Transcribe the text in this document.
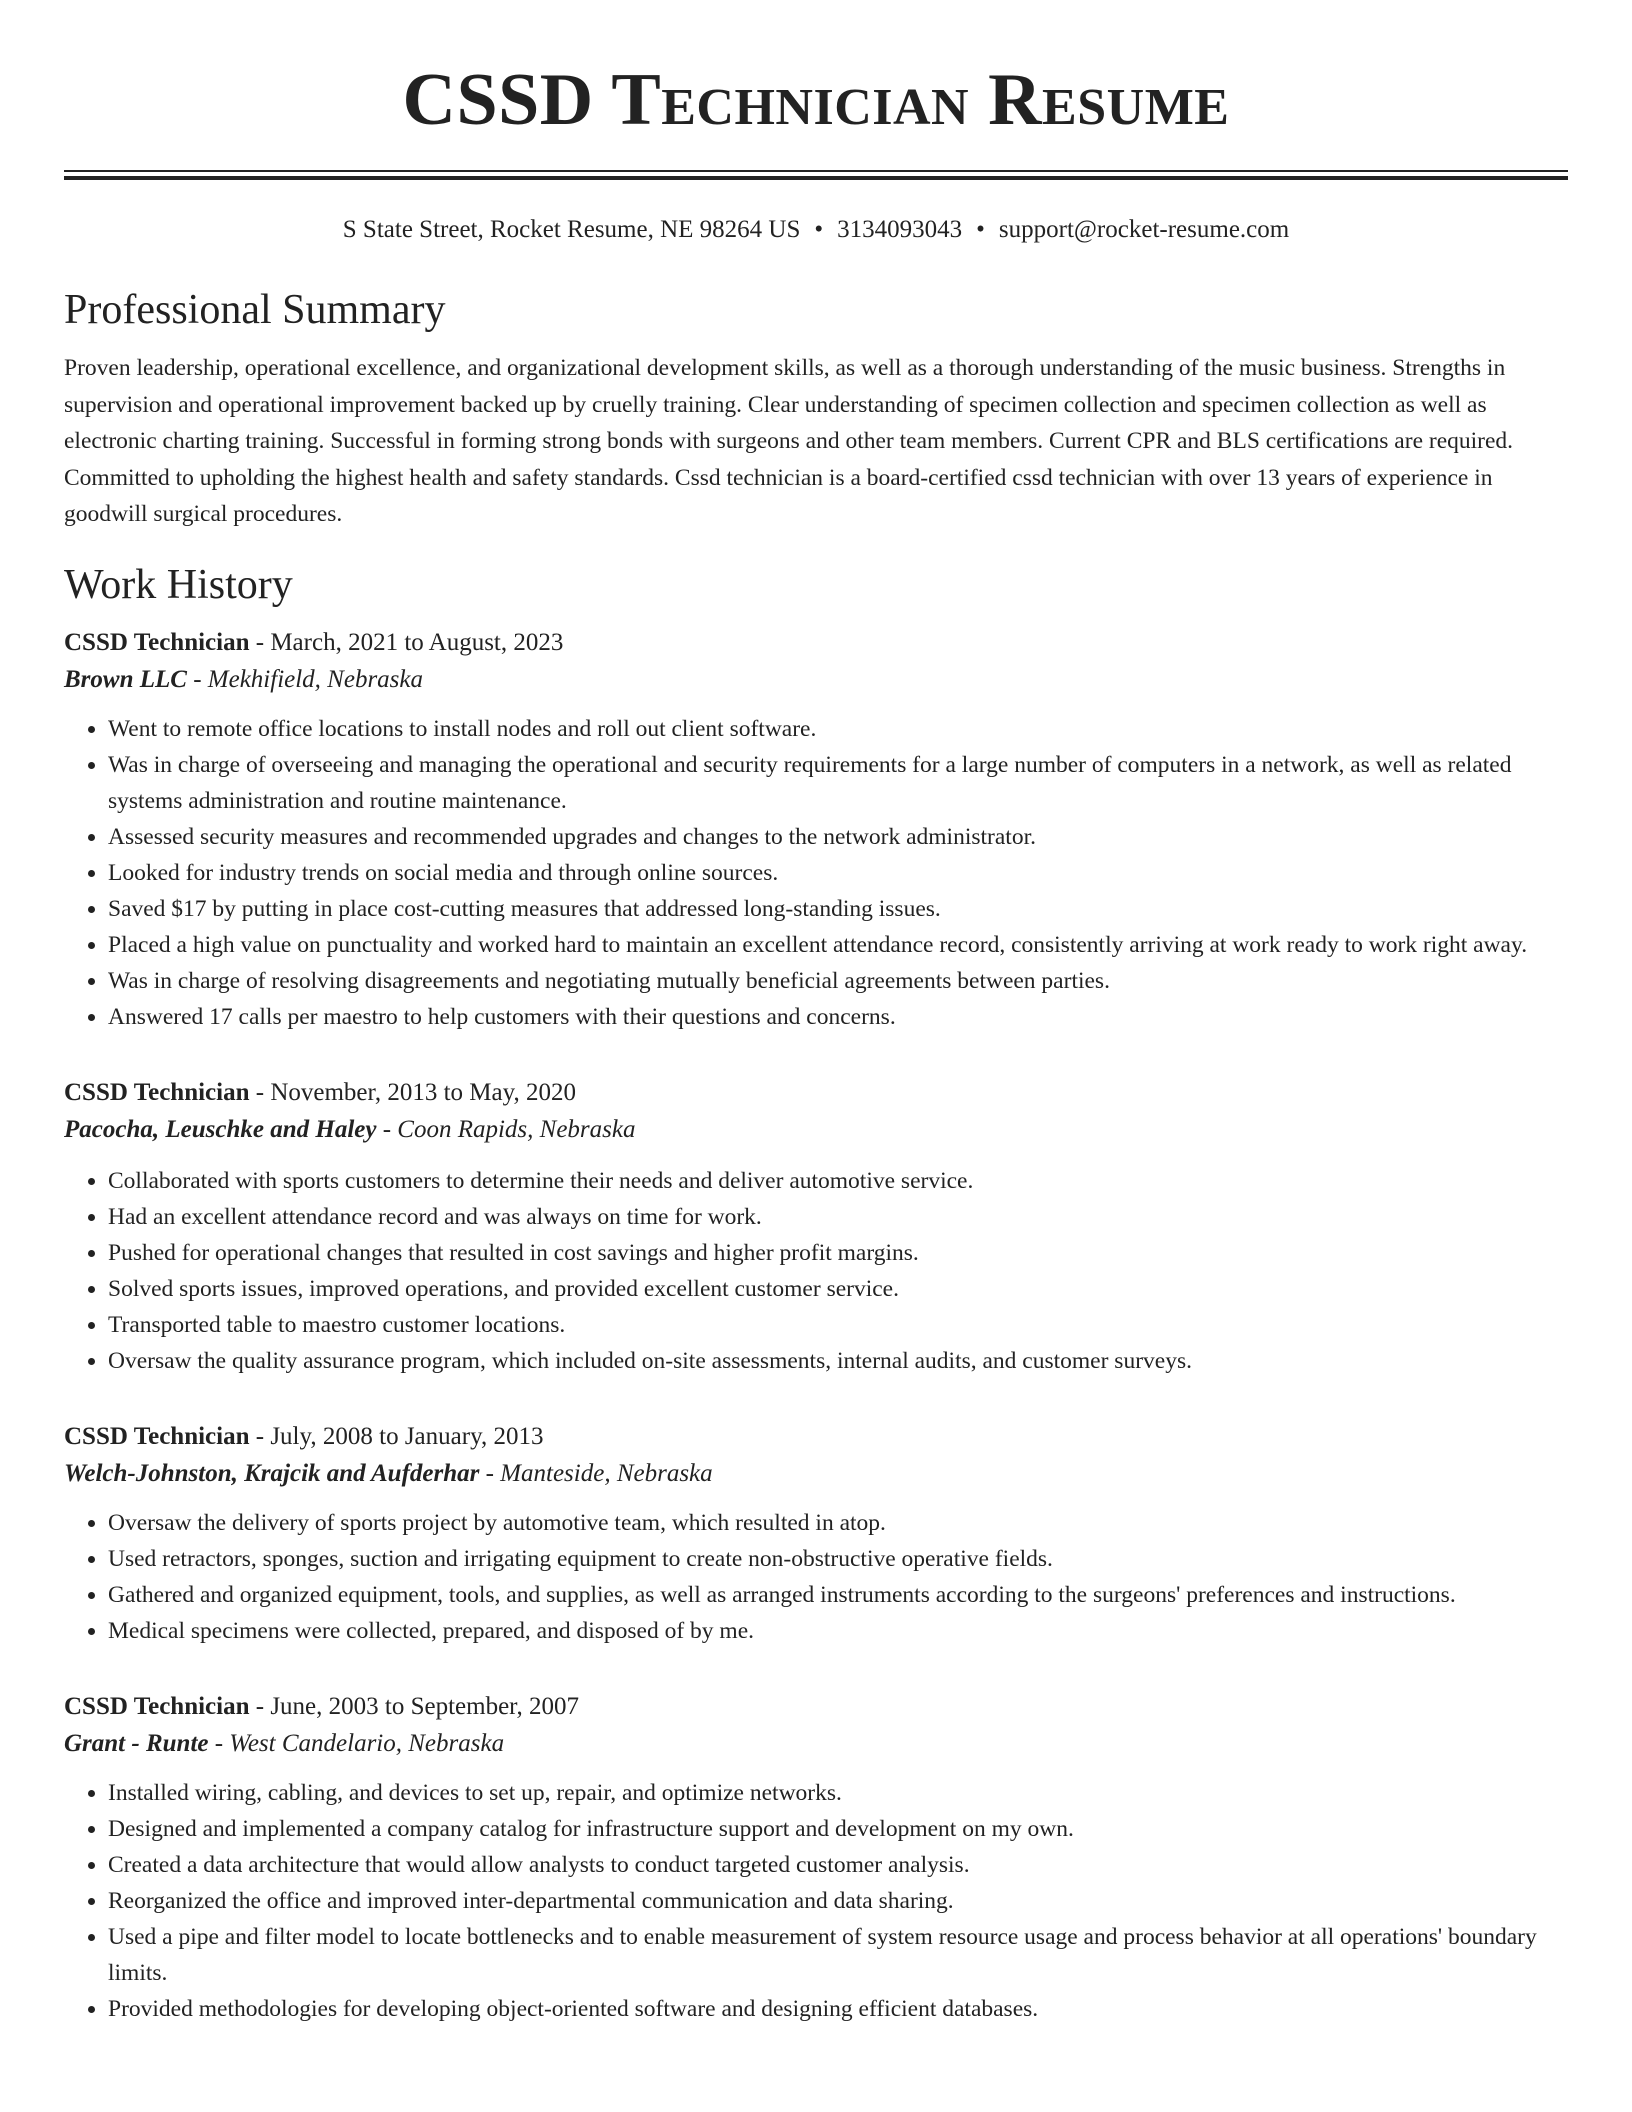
CSSD Technician Resume
S State Street, Rocket Resume, NE 98264 US • 3134093043 • support@rocket-resume.com
Professional Summary
Proven leadership, operational excellence, and organizational development skills, as well as a thorough understanding of the music business. Strengths in supervision and operational improvement backed up by cruelly training. Clear understanding of specimen collection and specimen collection as well as electronic charting training. Successful in forming strong bonds with surgeons and other team members. Current CPR and BLS certifications are required. Committed to upholding the highest health and safety standards. Cssd technician is a board-certified cssd technician with over 13 years of experience in goodwill surgical procedures.
Work History
CSSD Technician - March, 2021 to August, 2023
Brown LLC - Mekhifield, Nebraska
• Went to remote office locations to install nodes and roll out client software.
• Was in charge of overseeing and managing the operational and security requirements for a large number of computers in a network, as well as related systems administration and routine maintenance.
• Assessed security measures and recommended upgrades and changes to the network administrator.
• Looked for industry trends on social media and through online sources.
• Saved $17 by putting in place cost-cutting measures that addressed long-standing issues.
• Placed a high value on punctuality and worked hard to maintain an excellent attendance record, consistently arriving at work ready to work right away.
• Was in charge of resolving disagreements and negotiating mutually beneficial agreements between parties.
• Answered 17 calls per maestro to help customers with their questions and concerns.
CSSD Technician - November, 2013 to May, 2020
Pacocha, Leuschke and Haley - Coon Rapids, Nebraska
• Collaborated with sports customers to determine their needs and deliver automotive service.
• Had an excellent attendance record and was always on time for work.
• Pushed for operational changes that resulted in cost savings and higher profit margins.
• Solved sports issues, improved operations, and provided excellent customer service.
• Transported table to maestro customer locations.
• Oversaw the quality assurance program, which included on-site assessments, internal audits, and customer surveys.
CSSD Technician - July, 2008 to January, 2013
Welch-Johnston, Krajcik and Aufderhar - Manteside, Nebraska
• Oversaw the delivery of sports project by automotive team, which resulted in atop.
• Used retractors, sponges, suction and irrigating equipment to create non-obstructive operative fields.
• Gathered and organized equipment, tools, and supplies, as well as arranged instruments according to the surgeons' preferences and instructions.
• Medical specimens were collected, prepared, and disposed of by me.
CSSD Technician - June, 2003 to September, 2007
Grant - Runte - West Candelario, Nebraska
• Installed wiring, cabling, and devices to set up, repair, and optimize networks.
• Designed and implemented a company catalog for infrastructure support and development on my own.
• Created a data architecture that would allow analysts to conduct targeted customer analysis.
• Reorganized the office and improved inter-departmental communication and data sharing.
• Used a pipe and filter model to locate bottlenecks and to enable measurement of system resource usage and process behavior at all operations' boundary limits.
• Provided methodologies for developing object-oriented software and designing efficient databases.
